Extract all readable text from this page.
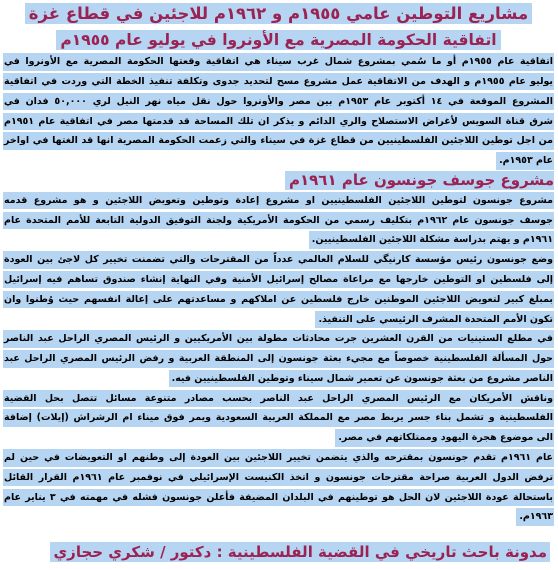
مشاريع التوطين عامي ١٩٥٥م و ١٩٦٢م للاجئين في قطاع غزة
اتفاقية الحكومة المصرية مع الأونروا في يوليو عام ١٩٥٥م
اتفاقية عام ١٩٥٥م أو ما سُمي بمشروع شمال غرب سيناء هي اتفاقية وقعتها الحكومة المصرية مع الأونروا في
يوليو عام ١٩٥٥م و الهدف من الاتفاقية عمل مشروع مسح لتحديد جدوى وتكلفة تنفيذ الخطة التي وردت في اتفاقية
المشروع الموقعة في ١٤ أكتوبر عام ١٩٥٣م بين مصر والأونروا حول نقل مياه نهر النيل لري ٥٠,٠٠٠ فدان في
شرق قناة السويس لأغراض الاستصلاح والري الدائم و يذكر ان تلك المساحة قد قدمتها مصر في اتفاقية عام ١٩٥١م
من اجل توطين اللاجئين الفلسطينيين من قطاع غزة في سيناء والتي زعمت الحكومة المصرية انها قد الغتها في اواخر
عام ١٩٥٣م.
مشروع جوسف جونسون عام ١٩٦١م
مشروع جونسون لتوطين اللاجئين الفلسطينيين او مشروع إعادة وتوطين وتعويض اللاجئين و هو مشروع قدمه
جوسف جونسون عام ١٩٦٢م بتكليف رسمي من الحكومة الأمريكية ولجنة التوفيق الدولية التابعة للأمم المتحدة عام
١٩٦١م و يهتم بدراسة مشكلة اللاجئين الفلسطينيين.
وضع جونسون رئيس مؤسسة كارنيگي للسلام العالمي عدداً من المقترحات والتي تضمنت تخيير كل لاجئ بين العودة
إلى فلسطين او التوطين خارجها مع مراعاة مصالح إسرائيل الأمنية وفي النهاية إنشاء صندوق تساهم فيه إسرائيل
بمبلغ كبير لتعويض اللاجئين الموطنين خارج فلسطين عن املاكهم و مساعدتهم على إعالة انفسهم حيث وُطنوا وان
تكون الأمم المتحدة المشرف الرئيسي على التنفيذ.
في مطلع الستينيات من القرن العشرين جرت محادثات مطولة بين الأمريكيين و الرئيس المصري الراحل عبد الناصر
حول المسألة الفلسطينية خصوصاً مع مجيء بعثة جونسون إلى المنطقة العربية و رفض الرئيس المصري الراحل عبد
الناصر مشروع من بعثة جونسون عن تعمير شمال سيناء وتوطين الفلسطينيين فيه.
وناقش الأمريكان مع الرئيس المصري الراحل عبد الناصر بحسب مصادر متنوعة مسائل تتصل بحل القضية
الفلسطينية و تشمل بناء جسر يربط مصر مع المملكة العربية السعودية ويمر فوق ميناء ام الرشراش (إيلات) إضافة
الى موضوع هجرة اليهود وممتلكاتهم في مصر.
عام ١٩٦١م تقدم جونسون بمقترحه والذي يتضمن تخيير اللاجئين بين العودة إلى وطنهم او التعويضات في حين لم
ترفض الدول العربية صراحة مقترحات جونسون و اتخذ الكنيست الإسرائيلي في نوفمبر عام ١٩٦١م القرار القائل
باستحالة عودة اللاجئين لان الحل هو توطينهم في البلدان المضيفة فأعلن جونسون فشله في مهمته في ٣ يناير عام
١٩٦٣م.
مدونة باحث تاريخي في القضية الفلسطينية : دكتور / شكري حجازي
